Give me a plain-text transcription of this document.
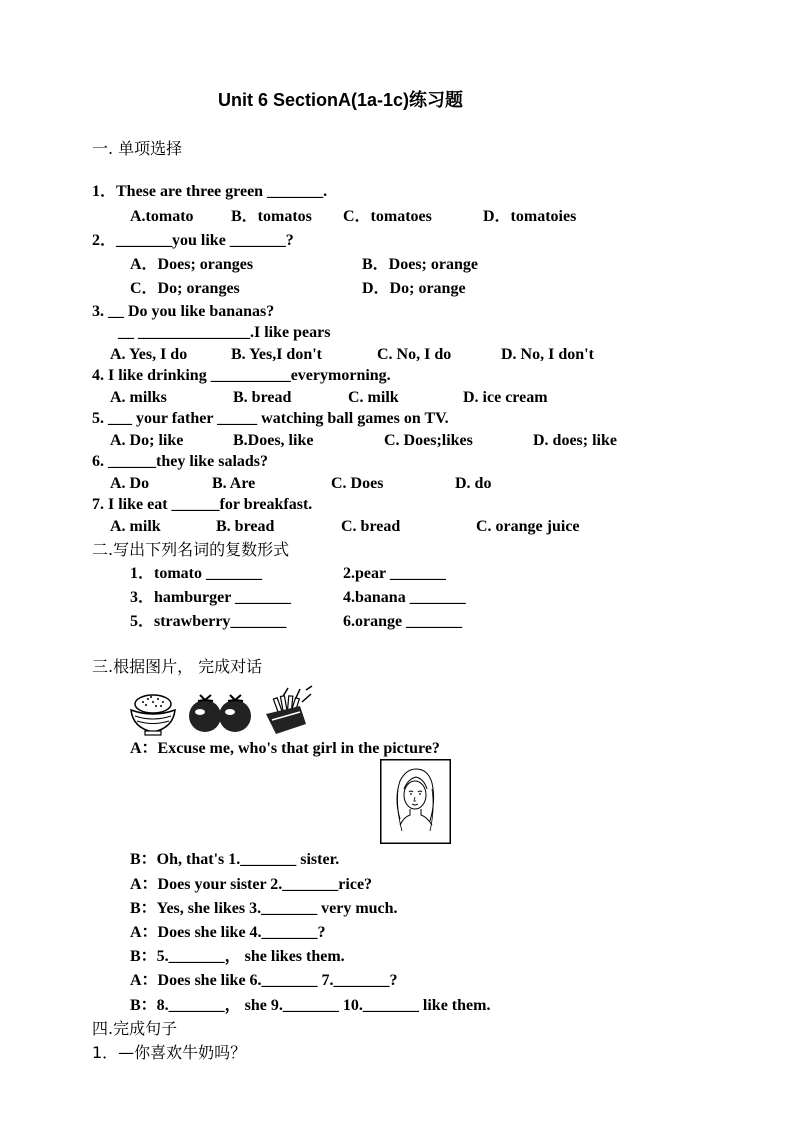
Unit 6 SectionA(1a-1c)练习题
一. 单项选择
1．These are three green _______.
A.tomato B．tomatos C．tomatoes	D．tomatoies
2．_______you like _______?
A．Does; oranges	B．Does; orange
C．Do; oranges	D．Do; orange
3. __ Do you like bananas?
__ ______________.I like pears
A. Yes, I do	B. Yes,I don't	C. No, I do	D. No, I don't
4. I like drinking __________everymorning.
A. milks	B. bread	C. milk	D. ice cream
5. ___ your father _____ watching ball games on TV.
A. Do; like	B.Does, like	C. Does;likes	D. does; like
6. ______they like salads?
A. Do	B. Are	C. Does	D. do
7. I like eat ______for breakfast.
A. milk	B. bread	C. bread	C. orange juice
二.写出下列名词的复数形式
1．tomato _______	2.pear _______
3．hamburger _______	4.banana _______
5．strawberry_______	6.orange _______
三.根据图片， 完成对话
A：Excuse me, who's that girl in the picture?
B：Oh, that's 1._______ sister.
A：Does your sister 2._______rice?
B：Yes, she likes 3._______ very much.
A：Does she like 4._______?
B：5._______， she likes them.
A：Does she like 6._______ 7._______?
B：8._______， she 9._______ 10._______ like them.
四.完成句子
1．—你喜欢牛奶吗？
